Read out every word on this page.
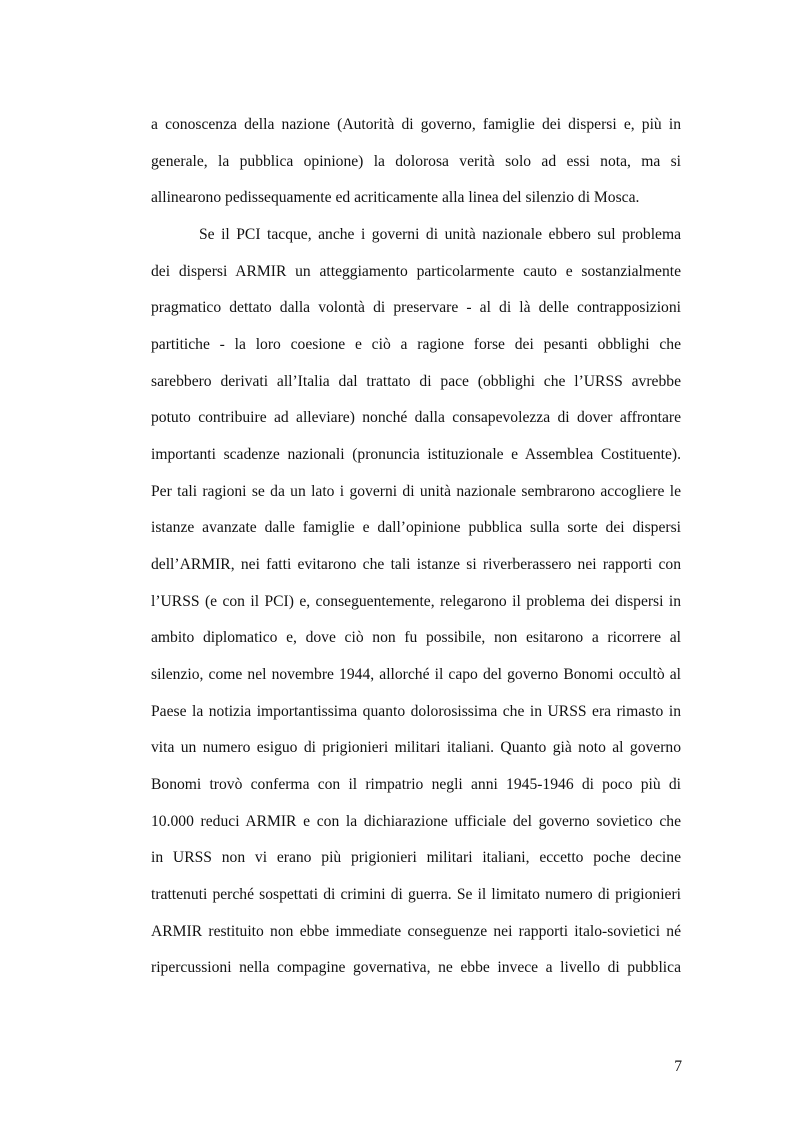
a conoscenza della nazione (Autorità di governo, famiglie dei dispersi e, più in
generale, la pubblica opinione) la dolorosa verità solo ad essi nota, ma si
allinearono pedissequamente ed acriticamente alla linea del silenzio di Mosca.
Se il PCI tacque, anche i governi di unità nazionale ebbero sul problema
dei dispersi ARMIR un atteggiamento particolarmente cauto e sostanzialmente
pragmatico dettato dalla volontà di preservare - al di là delle contrapposizioni
partitiche - la loro coesione e ciò a ragione forse dei pesanti obblighi che
sarebbero derivati all’Italia dal trattato di pace (obblighi che l’URSS avrebbe
potuto contribuire ad alleviare) nonché dalla consapevolezza di dover affrontare
importanti scadenze nazionali (pronuncia istituzionale e Assemblea Costituente).
Per tali ragioni se da un lato i governi di unità nazionale sembrarono accogliere le
istanze avanzate dalle famiglie e dall’opinione pubblica sulla sorte dei dispersi
dell’ARMIR, nei fatti evitarono che tali istanze si riverberassero nei rapporti con
l’URSS (e con il PCI) e, conseguentemente, relegarono il problema dei dispersi in
ambito diplomatico e, dove ciò non fu possibile, non esitarono a ricorrere al
silenzio, come nel novembre 1944, allorché il capo del governo Bonomi occultò al
Paese la notizia importantissima quanto dolorosissima che in URSS era rimasto in
vita un numero esiguo di prigionieri militari italiani. Quanto già noto al governo
Bonomi trovò conferma con il rimpatrio negli anni 1945-1946 di poco più di
10.000 reduci ARMIR e con la dichiarazione ufficiale del governo sovietico che
in URSS non vi erano più prigionieri militari italiani, eccetto poche decine
trattenuti perché sospettati di crimini di guerra. Se il limitato numero di prigionieri
ARMIR restituito non ebbe immediate conseguenze nei rapporti italo-sovietici né
ripercussioni nella compagine governativa, ne ebbe invece a livello di pubblica
7
